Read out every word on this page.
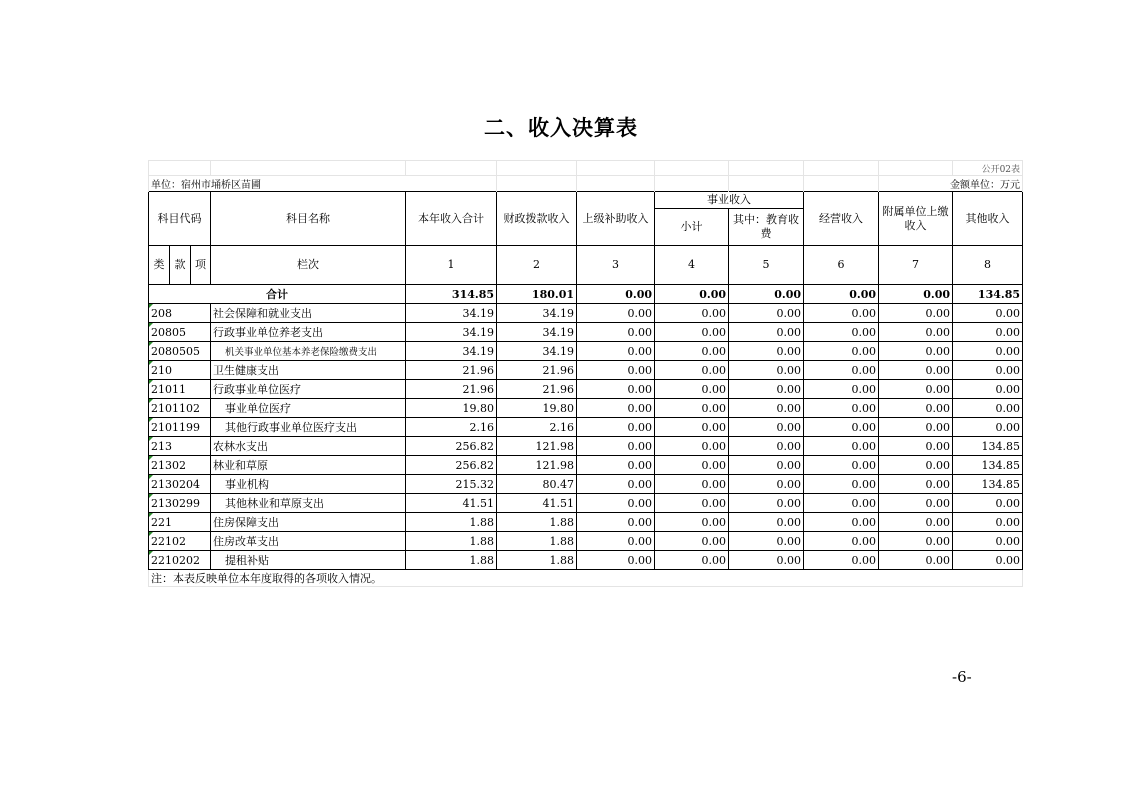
二、收入决算表
											公开02表
单位：宿州市埇桥区苗圃										金额单位：万元	
科目代码			科目名称	本年收入合计	财政拨款收入	上级补助收入	事业收入		经营收入	附属单位上缴收入	其他收入
							小计	其中：教育收费			
类	款	项	栏次	1	2	3	4	5	6	7	8
合计				314.85	180.01	0.00	0.00	0.00	0.00	0.00	134.85
208			社会保障和就业支出	34.19	34.19	0.00	0.00	0.00	0.00	0.00	0.00
20805			行政事业单位养老支出	34.19	34.19	0.00	0.00	0.00	0.00	0.00	0.00
2080505			机关事业单位基本养老保险缴费支出	34.19	34.19	0.00	0.00	0.00	0.00	0.00	0.00
210			卫生健康支出	21.96	21.96	0.00	0.00	0.00	0.00	0.00	0.00
21011			行政事业单位医疗	21.96	21.96	0.00	0.00	0.00	0.00	0.00	0.00
2101102			事业单位医疗	19.80	19.80	0.00	0.00	0.00	0.00	0.00	0.00
2101199			其他行政事业单位医疗支出	2.16	2.16	0.00	0.00	0.00	0.00	0.00	0.00
213			农林水支出	256.82	121.98	0.00	0.00	0.00	0.00	0.00	134.85
21302			林业和草原	256.82	121.98	0.00	0.00	0.00	0.00	0.00	134.85
2130204			事业机构	215.32	80.47	0.00	0.00	0.00	0.00	0.00	134.85
2130299			其他林业和草原支出	41.51	41.51	0.00	0.00	0.00	0.00	0.00	0.00
221			住房保障支出	1.88	1.88	0.00	0.00	0.00	0.00	0.00	0.00
22102			住房改革支出	1.88	1.88	0.00	0.00	0.00	0.00	0.00	0.00
2210202			提租补贴	1.88	1.88	0.00	0.00	0.00	0.00	0.00	0.00
注：本表反映单位本年度取得的各项收入情况。											
-6-
